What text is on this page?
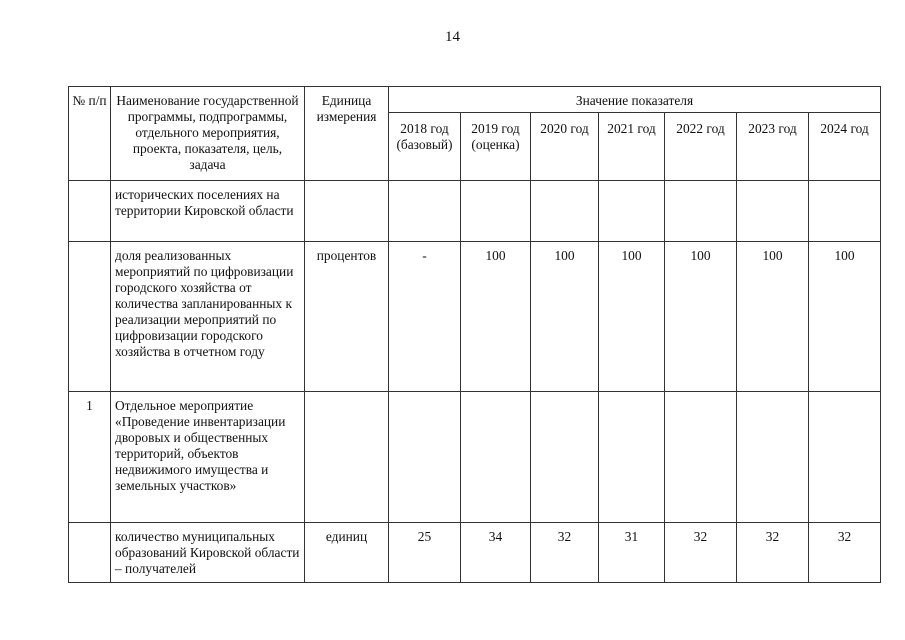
14
№ п/п	Наименование государственной программы, подпрограммы, отдельного мероприятия, проекта, показателя, цель, задача	Единица измерения	Значение показателя						
			2018 год (базовый)	2019 год (оценка)	2020 год	2021 год	2022 год	2023 год	2024 год
	исторических поселениях на территории Кировской области								
	доля реализованных мероприятий по цифровизации городского хозяйства от количества запланированных к реализации мероприятий по цифровизации городского хозяйства в отчетном году	процентов	-	100	100	100	100	100	100
1	Отдельное мероприятие «Проведение инвентаризации дворовых и общественных территорий, объектов недвижимого имущества и земельных участков»								
	количество муниципальных образований Кировской области – получателей	единиц	25	34	32	31	32	32	32
